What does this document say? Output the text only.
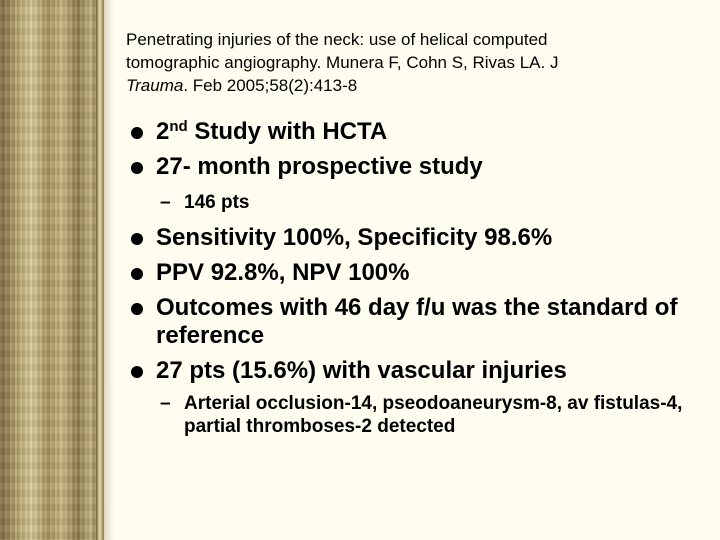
Penetrating injuries of the neck: use of helical computed
tomographic angiography. Munera F, Cohn S, Rivas LA. J
Trauma. Feb 2005;58(2):413-8
2nd Study with HCTA
27- month prospective study
– 146 pts
Sensitivity 100%, Specificity 98.6%
PPV 92.8%, NPV 100%
Outcomes with 46 day f/u was the standard of reference
27 pts (15.6%) with vascular injuries
– Arterial occlusion-14, pseodoaneurysm-8, av fistulas-4, partial thromboses-2 detected
